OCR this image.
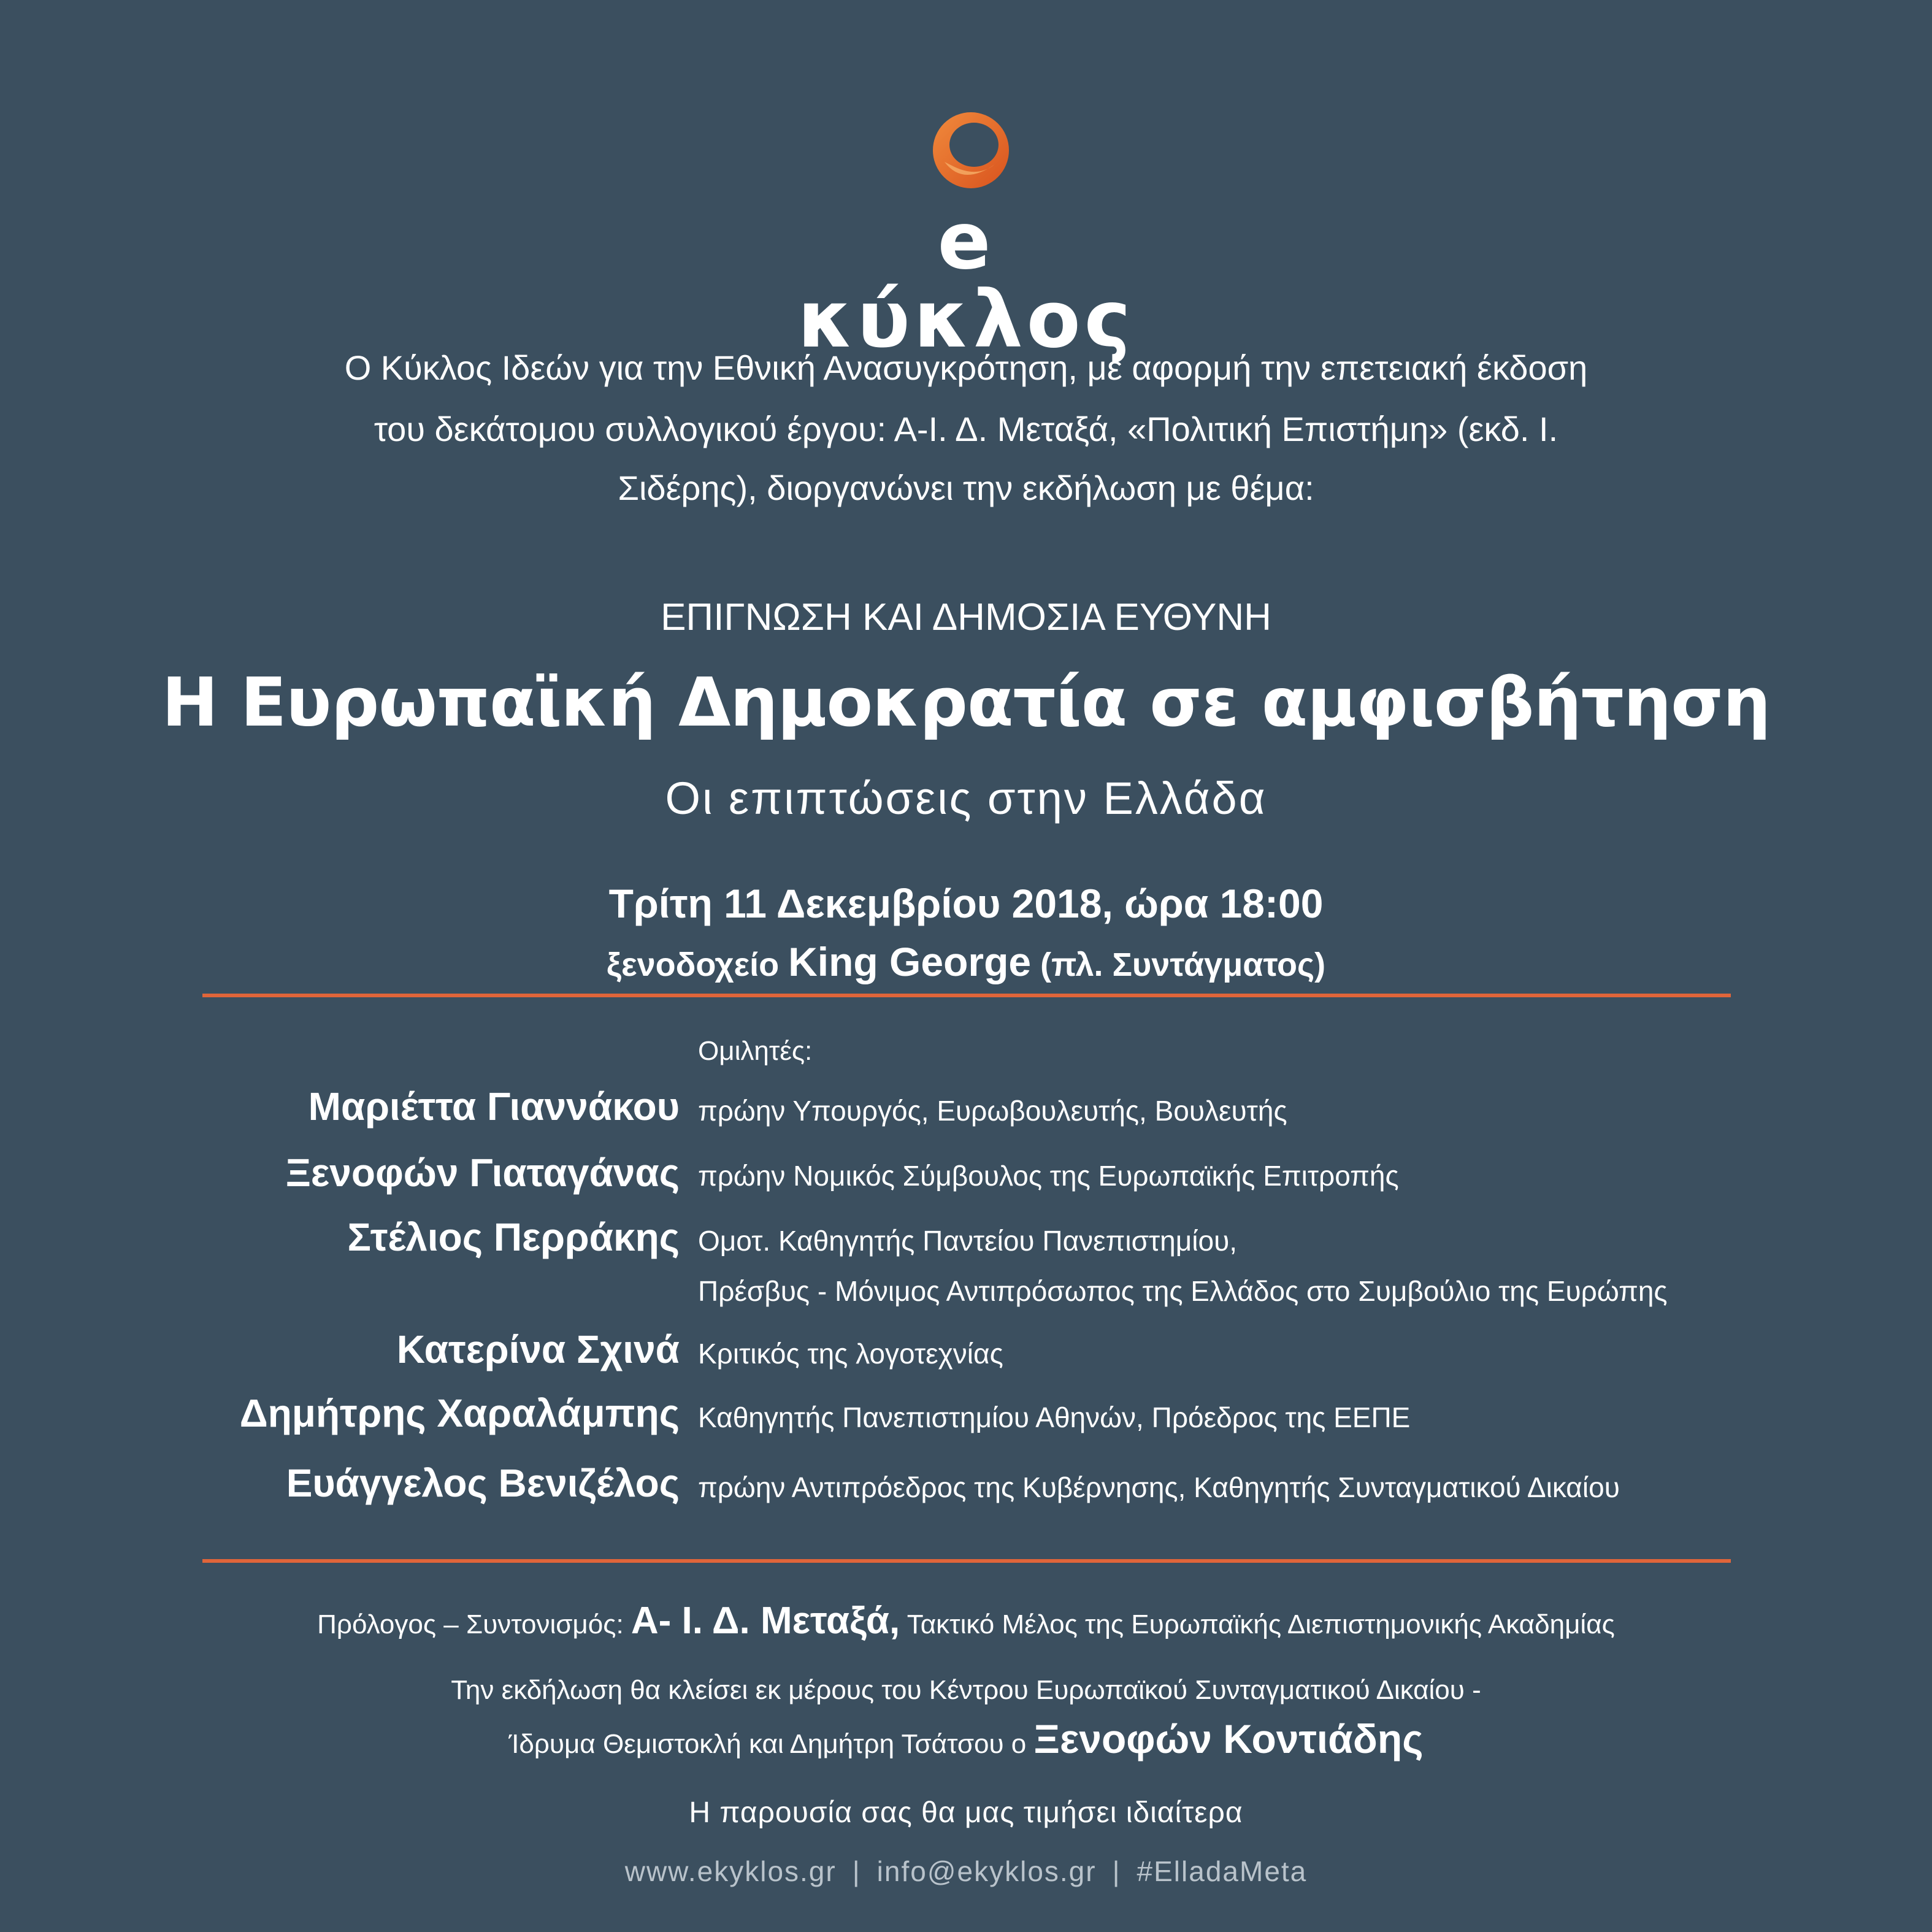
e κύκλος
Ο Κύκλος Ιδεών για την Εθνική Ανασυγκρότηση, με αφορμή την επετειακή έκδοση
του δεκάτομου συλλογικού έργου: Α-Ι. Δ. Μεταξά, «Πολιτική Επιστήμη» (εκδ. Ι.
Σιδέρης), διοργανώνει την εκδήλωση με θέμα:
ΕΠΙΓΝΩΣΗ ΚΑΙ ΔΗΜΟΣΙΑ ΕΥΘΥΝΗ
Η Ευρωπαϊκή Δημοκρατία σε αμφισβήτηση
Οι επιπτώσεις στην Ελλάδα
Τρίτη 11 Δεκεμβρίου 2018, ώρα 18:00
ξενοδοχείο King George (πλ. Συντάγματος)
Ομιλητές:
Μαριέττα Γιαννάκου πρώην Υπουργός, Ευρωβουλευτής, Βουλευτής
Ξενοφών Γιαταγάνας πρώην Νομικός Σύμβουλος της Ευρωπαϊκής Επιτροπής
Στέλιος Περράκης Ομοτ. Καθηγητής Παντείου Πανεπιστημίου,
Πρέσβυς - Μόνιμος Αντιπρόσωπος της Ελλάδος στο Συμβούλιο της Ευρώπης
Κατερίνα Σχινά Κριτικός της λογοτεχνίας
Δημήτρης Χαραλάμπης Καθηγητής Πανεπιστημίου Αθηνών, Πρόεδρος της ΕΕΠΕ
Ευάγγελος Βενιζέλος πρώην Αντιπρόεδρος της Κυβέρνησης, Καθηγητής Συνταγματικού Δικαίου
Πρόλογος – Συντονισμός: Α- Ι. Δ. Μεταξά, Τακτικό Μέλος της Ευρωπαϊκής Διεπιστημονικής Ακαδημίας
Την εκδήλωση θα κλείσει εκ μέρους του Κέντρου Ευρωπαϊκού Συνταγματικού Δικαίου -
Ίδρυμα Θεμιστοκλή και Δημήτρη Τσάτσου ο Ξενοφών Κοντιάδης
Η παρουσία σας θα μας τιμήσει ιδιαίτερα
www.ekyklos.gr | info@ekyklos.gr | #ElladaMeta
